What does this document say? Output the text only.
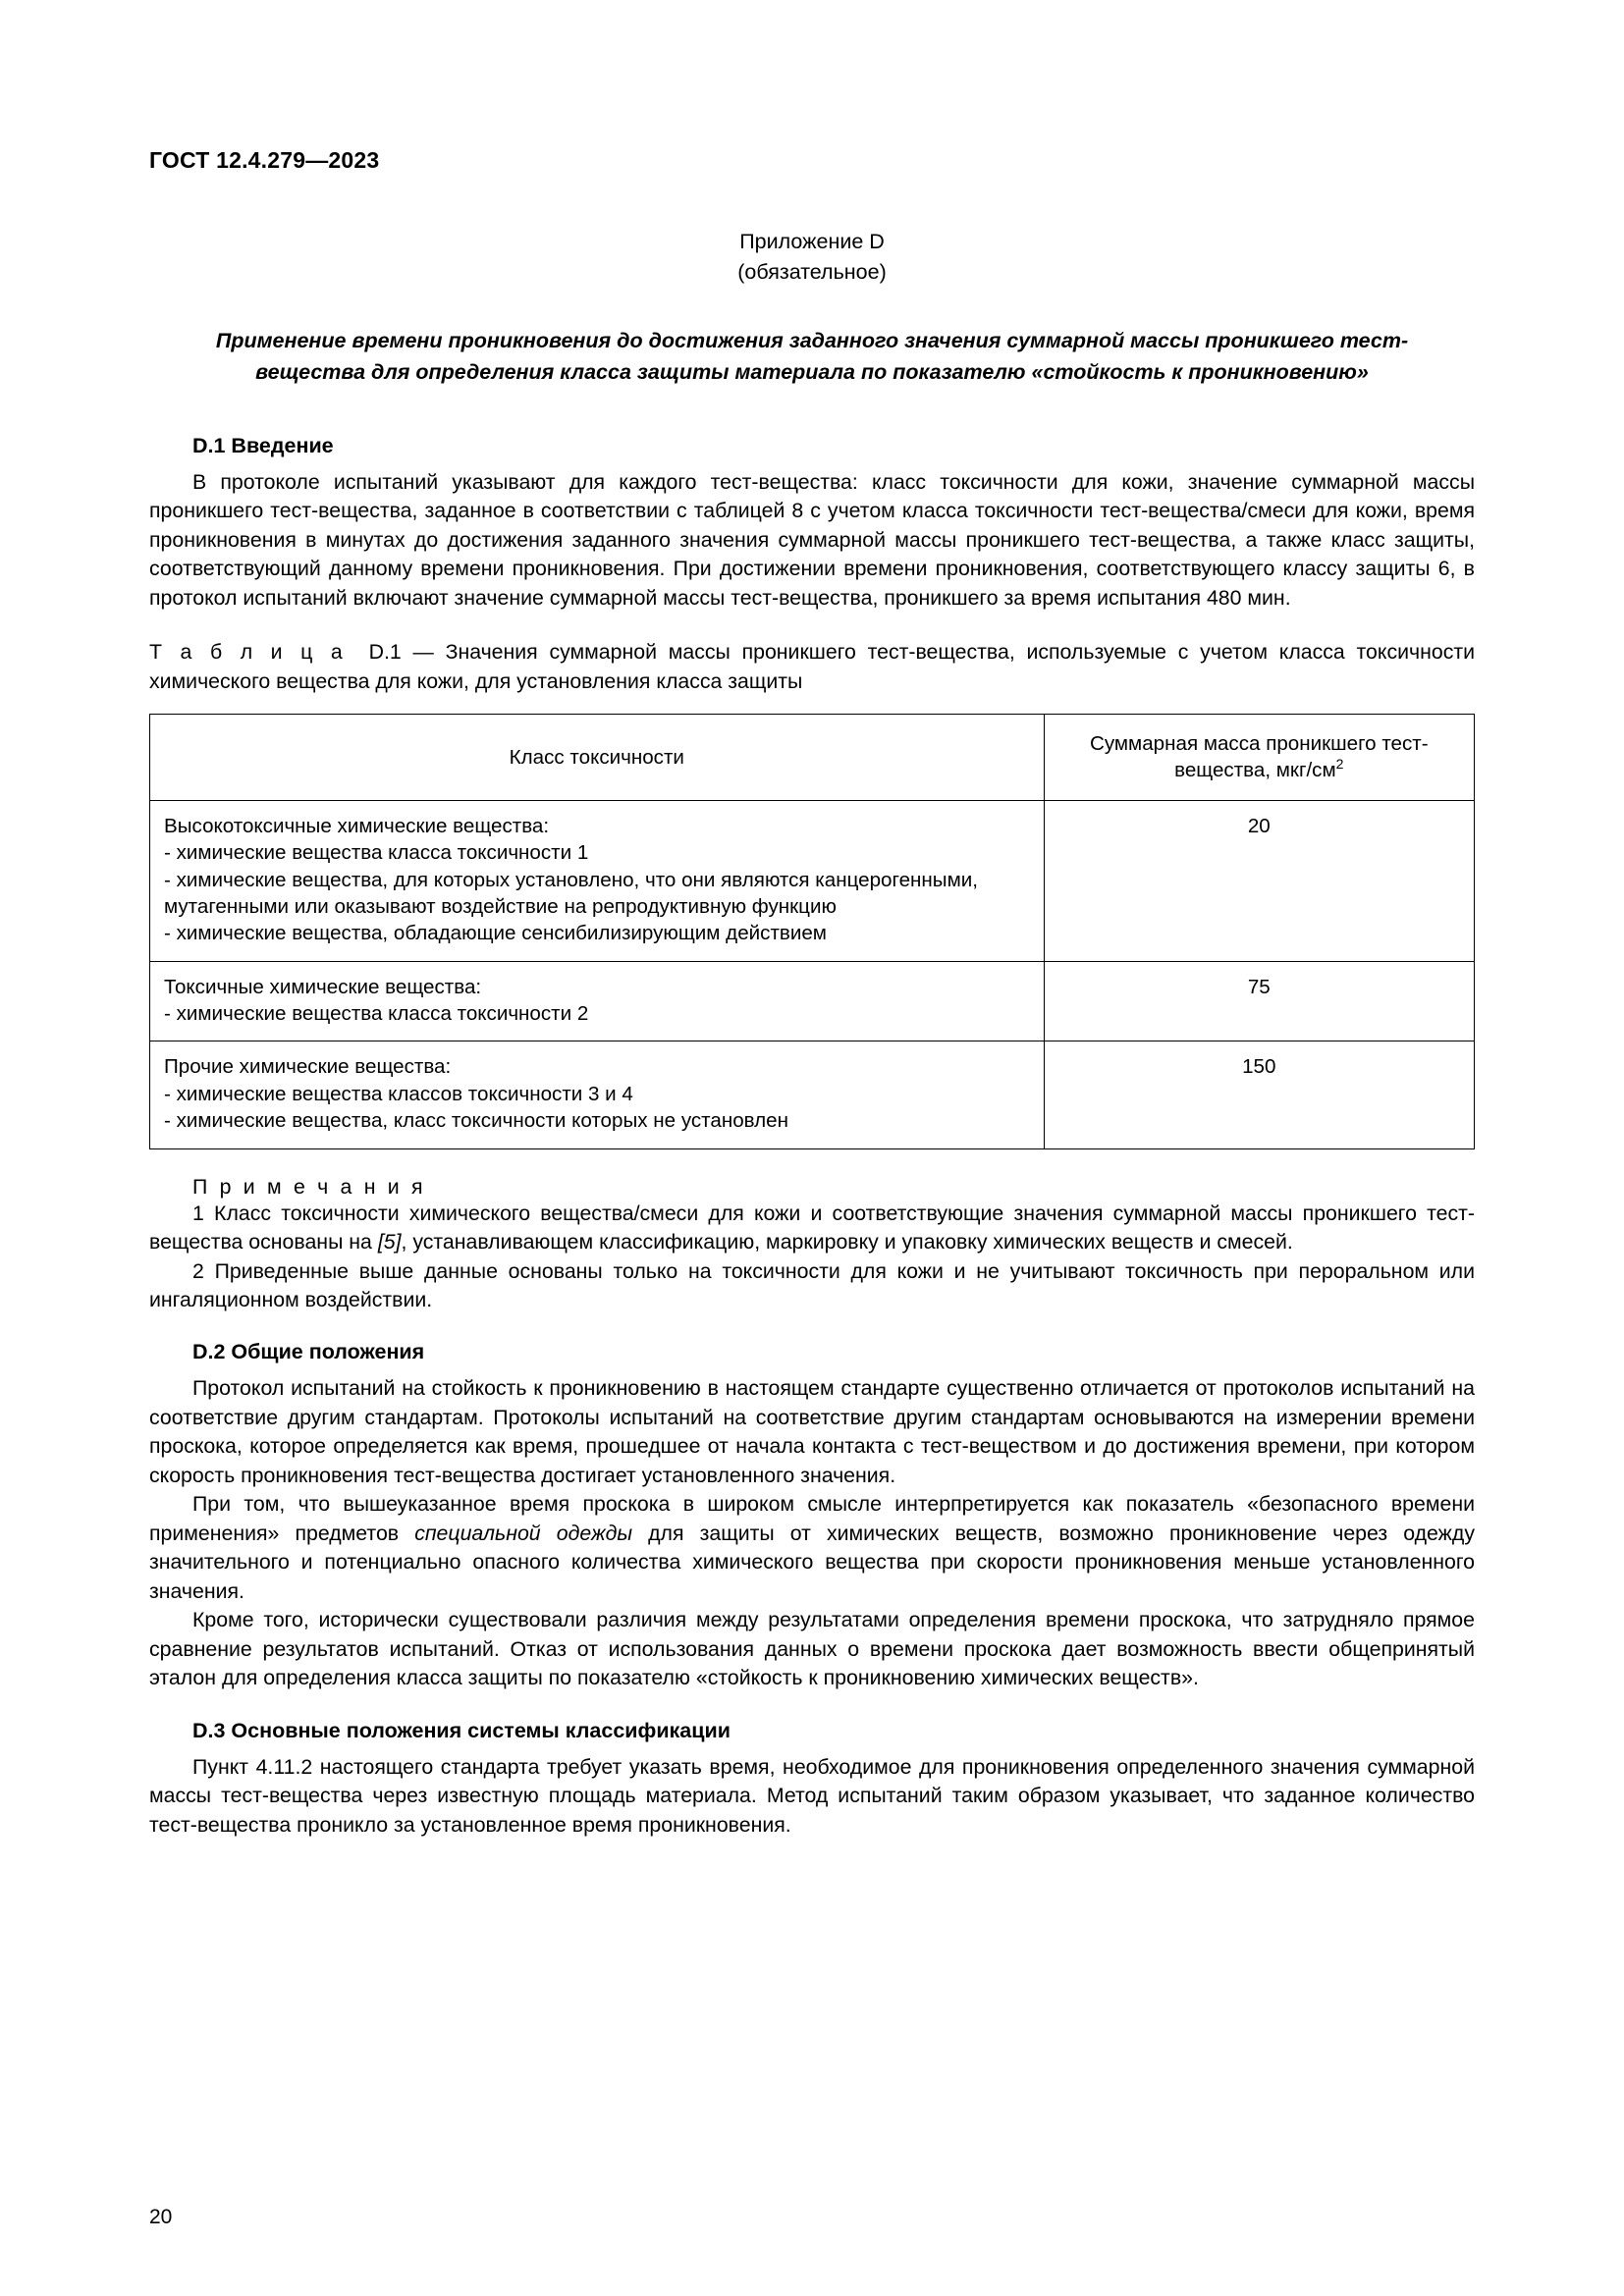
ГОСТ 12.4.279—2023
Приложение D
(обязательное)
Применение времени проникновения до достижения заданного значения суммарной массы проникшего тест-вещества для определения класса защиты материала по показателю «стойкость к проникновению»
D.1 Введение

В протоколе испытаний указывают для каждого тест-вещества: класс токсичности для кожи, значение суммарной массы проникшего тест-вещества, заданное в соответствии с таблицей 8 с учетом класса токсичности тест-вещества/смеси для кожи, время проникновения в минутах до достижения заданного значения суммарной массы проникшего тест-вещества, а также класс защиты, соответствующий данному времени проникновения. При достижении времени проникновения, соответствующего классу защиты 6, в протокол испытаний включают значение суммарной массы тест-вещества, проникшего за время испытания 480 мин.

Т а б л и ц а D.1 — Значения суммарной массы проникшего тест-вещества, используемые с учетом класса токсичности химического вещества для кожи, для установления класса защиты

Класс токсичности	Суммарная масса проникшего тест-вещества, мкг/$см^2$

Высокотоксичные химические вещества:
- химические вещества класса токсичности 1
- химические вещества, для которых установлено, что они являются канцерогенными, мутагенными или оказывают воздействие на репродуктивную функцию
- химические вещества, обладающие сенсибилизирующим действием	20

Токсичные химические вещества:
- химические вещества класса токсичности 2	75

Прочие химические вещества:
- химические вещества классов токсичности 3 и 4
- химические вещества, класс токсичности которых не установлен	150
П р и м е ч а н и я

1 Класс токсичности химического вещества/смеси для кожи и соответствующие значения суммарной массы проникшего тест-вещества основаны на [5], устанавливающем классификацию, маркировку и упаковку химических веществ и смесей.

2 Приведенные выше данные основаны только на токсичности для кожи и не учитывают токсичность при пероральном или ингаляционном воздействии.

D.2 Общие положения

Протокол испытаний на стойкость к проникновению в настоящем стандарте существенно отличается от протоколов испытаний на соответствие другим стандартам. Протоколы испытаний на соответствие другим стандартам основываются на измерении времени проскока, которое определяется как время, прошедшее от начала контакта с тест-веществом и до достижения времени, при котором скорость проникновения тест-вещества достигает установленного значения.

При том, что вышеуказанное время проскока в широком смысле интерпретируется как показатель «безопасного времени применения» предметов специальной одежды для защиты от химических веществ, возможно проникновение через одежду значительного и потенциально опасного количества химического вещества при скорости проникновения меньше установленного значения.

Кроме того, исторически существовали различия между результатами определения времени проскока, что затрудняло прямое сравнение результатов испытаний. Отказ от использования данных о времени проскока дает возможность ввести общепринятый эталон для определения класса защиты по показателю «стойкость к проникновению химических веществ».

D.3 Основные положения системы классификации

Пункт 4.11.2 настоящего стандарта требует указать время, необходимое для проникновения определенного значения суммарной массы тест-вещества через известную площадь материала. Метод испытаний таким образом указывает, что заданное количество тест-вещества проникло за установленное время проникновения.

20
